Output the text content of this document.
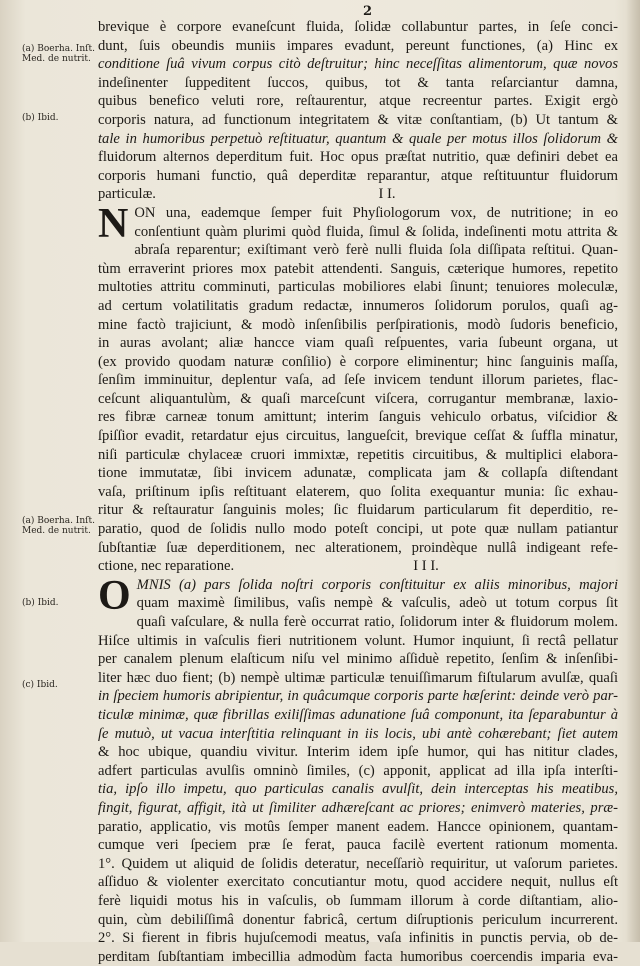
2
(a) Boerha. Inſt. Med. de nutrit.
(b) Ibid.
(a) Boerha. Inſt. Med. de nutrit.
(b) Ibid.
(c) Ibid.
brevique è corpore evaneſcunt fluida, ſolidæ collabuntur partes, in ſeſe conci-
dunt, ſuis obeundis muniis impares evadunt, pereunt functiones, (a) Hinc ex
conditione ſuâ vivum corpus citò deſtruitur; hinc neceſſitas alimentorum, quæ novos
indeſinenter ſuppeditent ſuccos, quibus, tot & tanta reſarciantur damna,
quibus benefico veluti rore, reſtaurentur, atque recreentur partes. Exigit ergò
corporis natura, ad functionum integritatem & vitæ conſtantiam, (b) Ut tantum &
tale in humoribus perpetuò reſtituatur, quantum & quale per motus illos ſolidorum &
fluidorum alternos deperditum fuit. Hoc opus præſtat nutritio, quæ definiri debet ea
corporis humani functio, quâ deperditæ reparantur, atque reſtituuntur fluidorum
particulæ.	I I.
N ON una, eademque ſemper fuit Phyſiologorum vox, de nutritione; in eo
conſentiunt quàm plurimi quòd fluida, ſimul & ſolida, indeſinenti motu attrita &
abraſa reparentur; exiſtimant verò ferè nulli fluida ſola diſſipata reſtitui. Quan-
tùm erraverint priores mox patebit attendenti. Sanguis, cæterique humores, repetito
multoties attritu comminuti, particulas mobiliores elabi ſinunt; tenuiores moleculæ,
ad certum volatilitatis gradum redactæ, innumeros ſolidorum porulos, quaſi ag-
mine factò trajiciunt, & modò inſenſibilis perſpirationis, modò ſudoris beneficio,
in auras avolant; aliæ hancce viam quaſi reſpuentes, varia ſubeunt organa, ut
(ex provido quodam naturæ conſilio) è corpore eliminentur; hinc ſanguinis maſſa,
ſenſim imminuitur, deplentur vaſa, ad ſeſe invicem tendunt illorum parietes, flac-
ceſcunt aliquantulùm, & quaſi marceſcunt viſcera, corrugantur membranæ, laxio-
res fibræ carneæ tonum amittunt; interim ſanguis vehiculo orbatus, viſcidior &
ſpiſſior evadit, retardatur ejus circuitus, langueſcit, brevique ceſſat & ſuffla minatur,
niſi particulæ chylaceæ cruori immixtæ, repetitis circuitibus, & multiplici elabora-
tione immutatæ, ſibi invicem adunatæ, complicata jam & collapſa diſtendant
vaſa, priſtinum ipſis reſtituant elaterem, quo ſolita exequantur munia: ſic exhau-
ritur & reſtauratur ſanguinis moles; ſic fluidarum particularum fit deperditio, re-
paratio, quod de ſolidis nullo modo poteſt concipi, ut pote quæ nullam patiantur
ſubſtantiæ ſuæ deperditionem, nec alterationem, proindèque nullâ indigeant refe-
ctione, nec reparatione.	I I I.
O MNIS (a) pars ſolida noſtri corporis conſtituitur ex aliis minoribus, majori
quam maximè ſimilibus, vaſis nempè & vaſculis, adeò ut totum corpus ſit
quaſi vaſculare, & nulla ferè occurrat ratio, ſolidorum inter & fluidorum molem.
Hiſce ultimis in vaſculis fieri nutritionem volunt. Humor inquiunt, ſi rectâ pellatur
per canalem plenum elaſticum niſu vel minimo aſſiduè repetito, ſenſim & inſenſibi-
liter hæc duo fient; (b) nempè ultimæ particulæ tenuiſſimarum fiſtularum avulſæ, quaſi
in ſpeciem humoris abripientur, in quâcumque corporis parte hæſerint: deinde verò par-
ticulæ minimæ, quæ fibrillas exiliſſimas adunatione ſuâ componunt, ita ſeparabuntur à
ſe mutuò, ut vacua interſtitia relinquant in iis locis, ubi antè cohærebant; ſiet autem
& hoc ubique, quandiu vivitur. Interim idem ipſe humor, qui has nititur clades,
adfert particulas avulſis omninò ſimiles, (c) apponit, applicat ad illa ipſa interſti-
tia, ipſo illo impetu, quo particulas canalis avulſit, dein interceptas his meatibus,
fingit, figurat, affigit, ità ut ſimiliter adhæreſcant ac priores; enimverò materies, præ-
paratio, applicatio, vis motûs ſemper manent eadem. Hancce opinionem, quantam-
cumque veri ſpeciem præ ſe ferat, pauca facilè evertent rationum momenta.
1°. Quidem ut aliquid de ſolidis deteratur, neceſſariò requiritur, ut vaſorum parietes.
aſſiduo & violenter exercitato concutiantur motu, quod accidere nequit, nullus eſt
ferè liquidi motus his in vaſculis, ob ſummam illorum à corde diſtantiam, alio-
quin, cùm debiliſſimâ donentur fabricâ, certum diſruptionis periculum incurrerent.
2°. Si fierent in fibris hujuſcemodi meatus, vaſa infinitis in punctis pervia, ob de-
perditam ſubſtantiam imbecillia admodùm facta humoribus coercendis imparia eva-
